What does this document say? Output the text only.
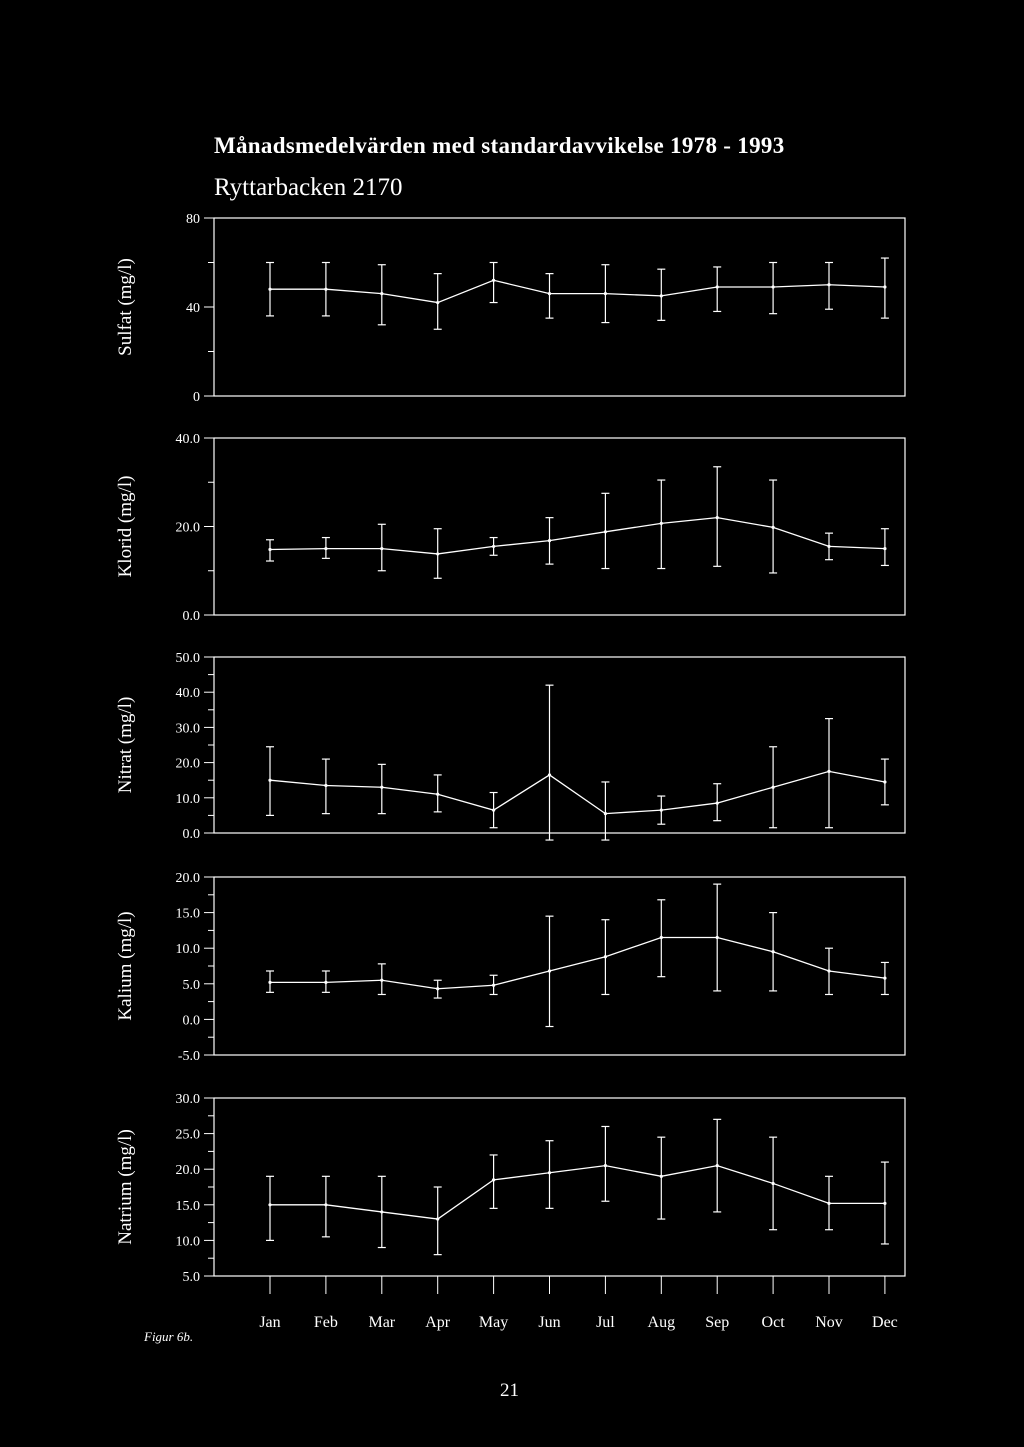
Månadsmedelvärden med standardavvikelse 1978 - 1993
Ryttarbacken 2170
0
40
80
Sulfat (mg/l)
0.0
20.0
40.0
Klorid (mg/l)
0.0
10.0
20.0
30.0
40.0
50.0
Nitrat (mg/l)
-5.0
0.0
5.0
10.0
15.0
20.0
Kalium (mg/l)
5.0
10.0
15.0
20.0
25.0
30.0
Natrium (mg/l)
Jan Feb Mar Apr May Jun Jul Aug Sep Oct Nov Dec
Figur 6b.
21
